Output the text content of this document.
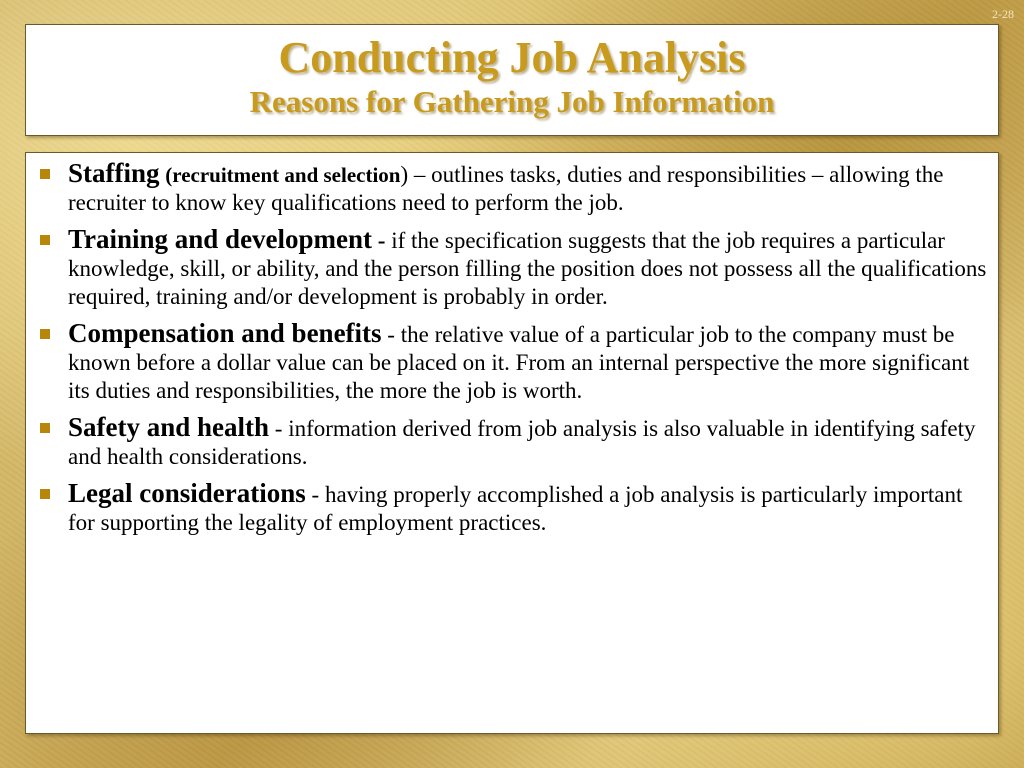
2-28
Conducting Job Analysis
Reasons for Gathering Job Information
Staffing (recruitment and selection) – outlines tasks, duties and responsibilities – allowing the recruiter to know key qualifications need to perform the job.
Training and development - if the specification suggests that the job requires a particular knowledge, skill, or ability, and the person filling the position does not possess all the qualifications required, training and/or development is probably in order.
Compensation and benefits - the relative value of a particular job to the company must be known before a dollar value can be placed on it. From an internal perspective the more significant its duties and responsibilities, the more the job is worth.
Safety and health - information derived from job analysis is also valuable in identifying safety and health considerations.
Legal considerations - having properly accomplished a job analysis is particularly important for supporting the legality of employment practices.
